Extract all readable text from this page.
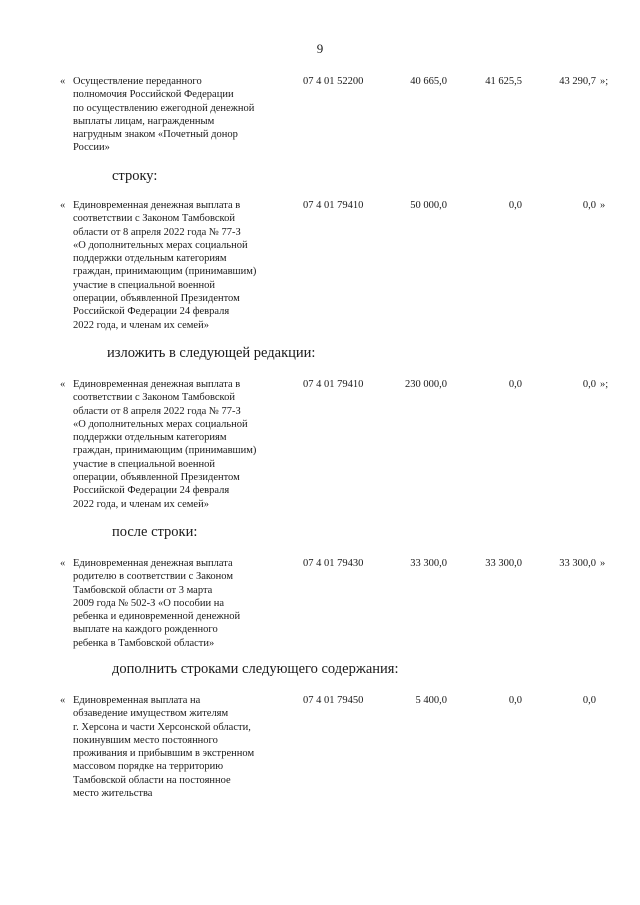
9
« Осуществление переданного
полномочия Российской Федерации
по осуществлению ежегодной денежной
выплаты лицам, награжденным
нагрудным знаком «Почетный донор
России»
07 4 01 52200	40 665,0	41 625,5	43 290,7 »;
строку:
« Единовременная денежная выплата в
соответствии с Законом Тамбовской
области от 8 апреля 2022 года № 77-З
«О дополнительных мерах социальной
поддержки отдельным категориям
граждан, принимающим (принимавшим)
участие в специальной военной
операции, объявленной Президентом
Российской Федерации 24 февраля
2022 года, и членам их семей»
07 4 01 79410	50 000,0	0,0	0,0 »
изложить в следующей редакции:
« Единовременная денежная выплата в
соответствии с Законом Тамбовской
области от 8 апреля 2022 года № 77-З
«О дополнительных мерах социальной
поддержки отдельным категориям
граждан, принимающим (принимавшим)
участие в специальной военной
операции, объявленной Президентом
Российской Федерации 24 февраля
2022 года, и членам их семей»
07 4 01 79410	230 000,0	0,0	0,0 »;
после строки:
« Единовременная денежная выплата
родителю в соответствии с Законом
Тамбовской области от 3 марта
2009 года № 502-З «О пособии на
ребенка и единовременной денежной
выплате на каждого рожденного
ребенка в Тамбовской области»
07 4 01 79430	33 300,0	33 300,0	33 300,0 »
дополнить строками следующего содержания:
« Единовременная выплата на
обзаведение имуществом жителям
г. Херсона и части Херсонской области,
покинувшим место постоянного
проживания и прибывшим в экстренном
массовом порядке на территорию
Тамбовской области на постоянное
место жительства
07 4 01 79450	5 400,0	0,0	0,0
